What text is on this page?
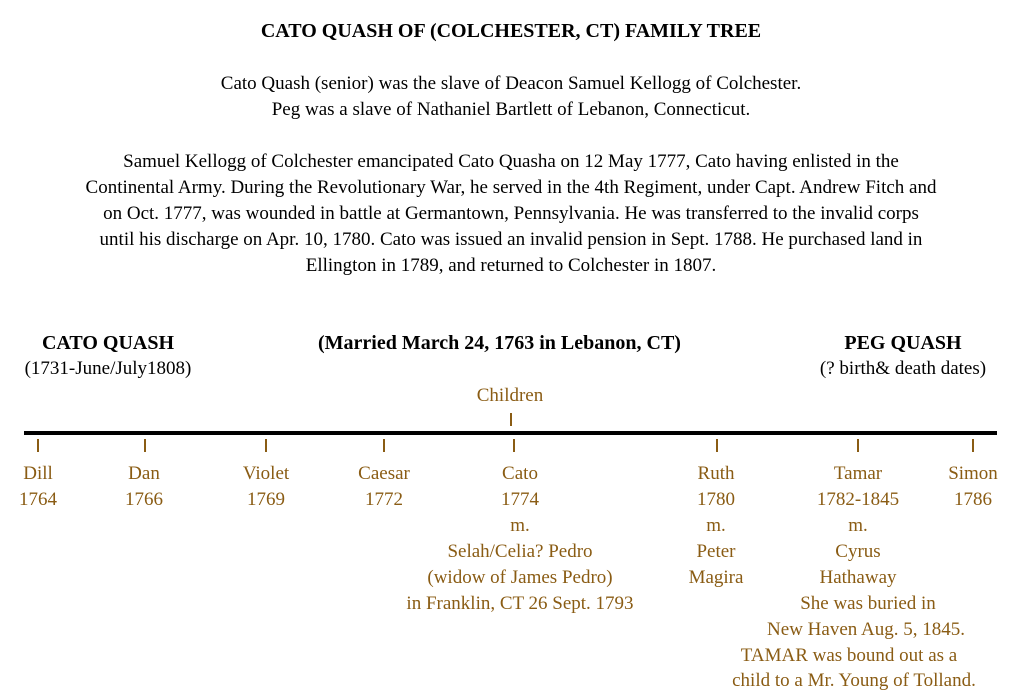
CATO QUASH OF (COLCHESTER, CT) FAMILY TREE
Cato Quash (senior) was the slave of Deacon Samuel Kellogg of Colchester.
Peg was a slave of Nathaniel Bartlett of Lebanon, Connecticut.
Samuel Kellogg of Colchester emancipated Cato Quasha on 12 May 1777, Cato having enlisted in the
Continental Army. During the Revolutionary War, he served in the 4th Regiment, under Capt. Andrew Fitch and
on Oct. 1777, was wounded in battle at Germantown, Pennsylvania. He was transferred to the invalid corps
until his discharge on Apr. 10, 1780. Cato was issued an invalid pension in Sept. 1788. He purchased land in
Ellington in 1789, and returned to Colchester in 1807.
CATO QUASH
(1731-June/July1808)
(Married March 24, 1763 in Lebanon, CT)	PEG QUASH
(? birth& death dates)
Children
Dill
1764
Dan
1766
Violet
1769
Caesar
1772
Cato
1774
m.
Selah/Celia? Pedro
(widow of James Pedro)
in Franklin, CT 26 Sept. 1793
Ruth
1780
m.
Peter
Magira
Tamar
1782-1845
m.
Cyrus
Hathaway
Simon
1786
She was buried in
New Haven Aug. 5, 1845.
TAMAR was bound out as a
child to a Mr. Young of Tolland.
